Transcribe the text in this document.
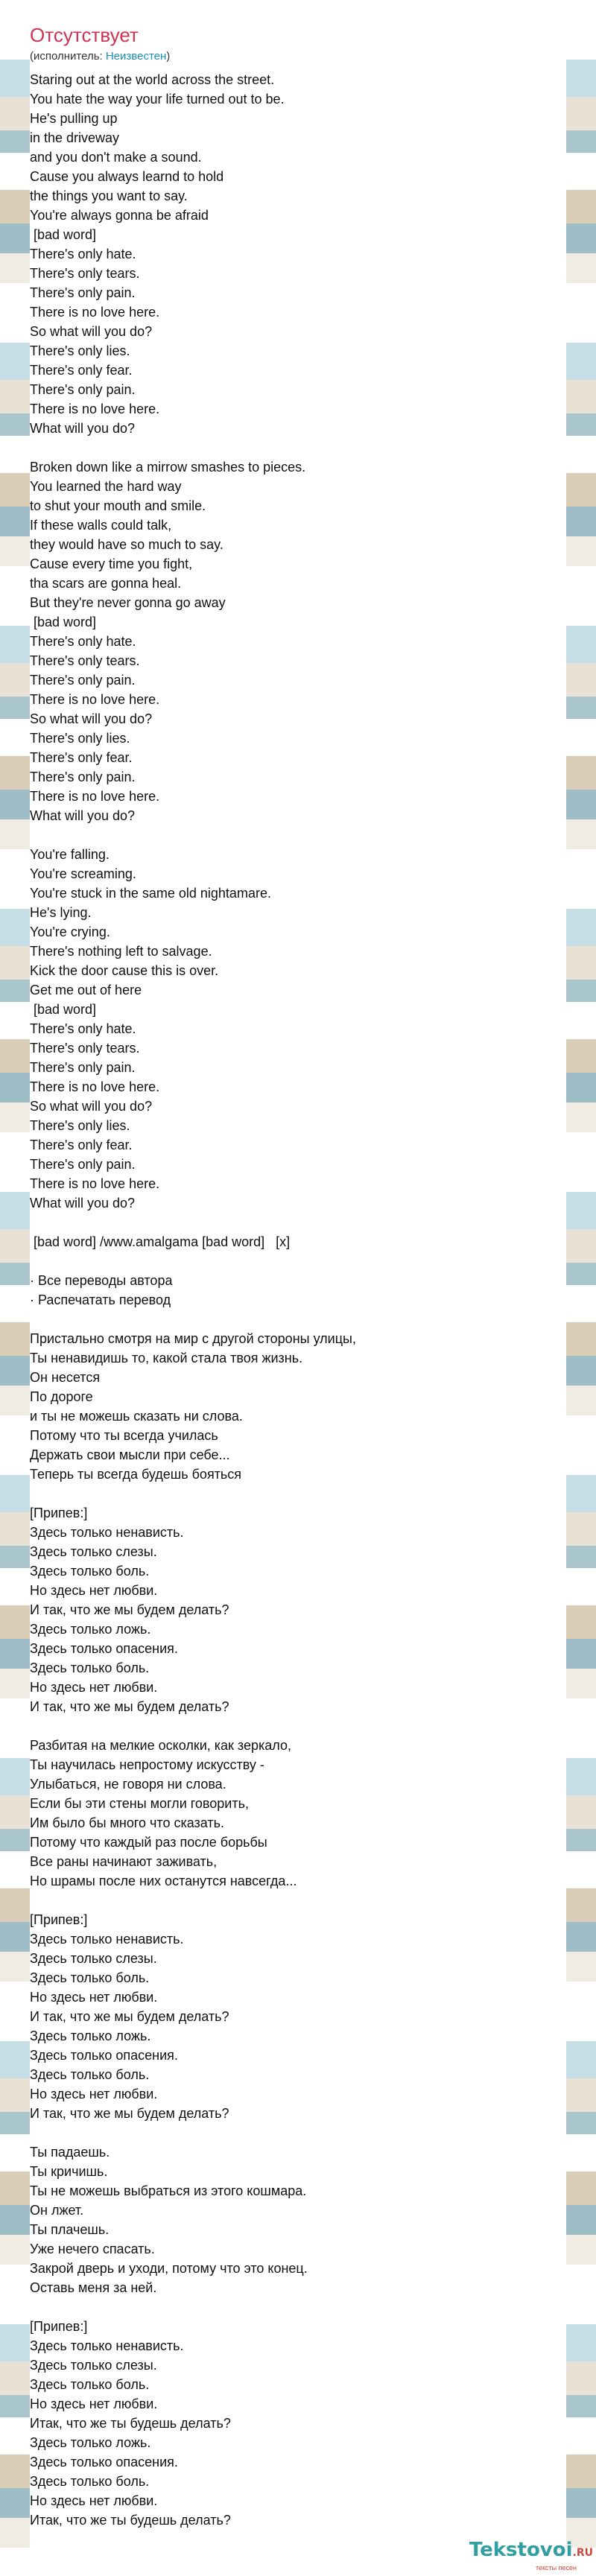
Отсутствует
(исполнитель: Неизвестен)
Staring out at the world across the street.
You hate the way your life turned out to be.
He's pulling up
in the driveway
and you don't make a sound.
Cause you always learnd to hold
the things you want to say.
You're always gonna be afraid
[bad word]
There's only hate.
There's only tears.
There's only pain.
There is no love here.
So what will you do?
There's only lies.
There's only fear.
There's only pain.
There is no love here.
What will you do?
Broken down like a mirrow smashes to pieces.
You learned the hard way
to shut your mouth and smile.
If these walls could talk,
they would have so much to say.
Cause every time you fight,
tha scars are gonna heal.
But they're never gonna go away
[bad word]
There's only hate.
There's only tears.
There's only pain.
There is no love here.
So what will you do?
There's only lies.
There's only fear.
There's only pain.
There is no love here.
What will you do?
You're falling.
You're screaming.
You're stuck in the same old nightamare.
He's lying.
You're crying.
There's nothing left to salvage.
Kick the door cause this is over.
Get me out of here
[bad word]
There's only hate.
There's only tears.
There's only pain.
There is no love here.
So what will you do?
There's only lies.
There's only fear.
There's only pain.
There is no love here.
What will you do?
[bad word] /www.amalgama [bad word]   [x]
· Все переводы автора
· Распечатать перевод
Пристально смотря на мир с другой стороны улицы,
Ты ненавидишь то, какой стала твоя жизнь.
Он несется
По дороге
и ты не можешь сказать ни слова.
Потому что ты всегда училась
Держать свои мысли при себе...
Теперь ты всегда будешь бояться
[Припев:]
Здесь только ненависть.
Здесь только слезы.
Здесь только боль.
Но здесь нет любви.
И так, что же мы будем делать?
Здесь только ложь.
Здесь только опасения.
Здесь только боль.
Но здесь нет любви.
И так, что же мы будем делать?
Разбитая на мелкие осколки, как зеркало,
Ты научилась непростому искусству -
Улыбаться, не говоря ни слова.
Если бы эти стены могли говорить,
Им было бы много что сказать.
Потому что каждый раз после борьбы
Все раны начинают заживать,
Но шрамы после них останутся навсегда...
[Припев:]
Здесь только ненависть.
Здесь только слезы.
Здесь только боль.
Но здесь нет любви.
И так, что же мы будем делать?
Здесь только ложь.
Здесь только опасения.
Здесь только боль.
Но здесь нет любви.
И так, что же мы будем делать?
Ты падаешь.
Ты кричишь.
Ты не можешь выбраться из этого кошмара.
Он лжет.
Ты плачешь.
Уже нечего спасать.
Закрой дверь и уходи, потому что это конец.
Оставь меня за ней.
[Припев:]
Здесь только ненависть.
Здесь только слезы.
Здесь только боль.
Но здесь нет любви.
Итак, что же ты будешь делать?
Здесь только ложь.
Здесь только опасения.
Здесь только боль.
Но здесь нет любви.
Итак, что же ты будешь делать?
Tekstovoi.RU
тексты песен
